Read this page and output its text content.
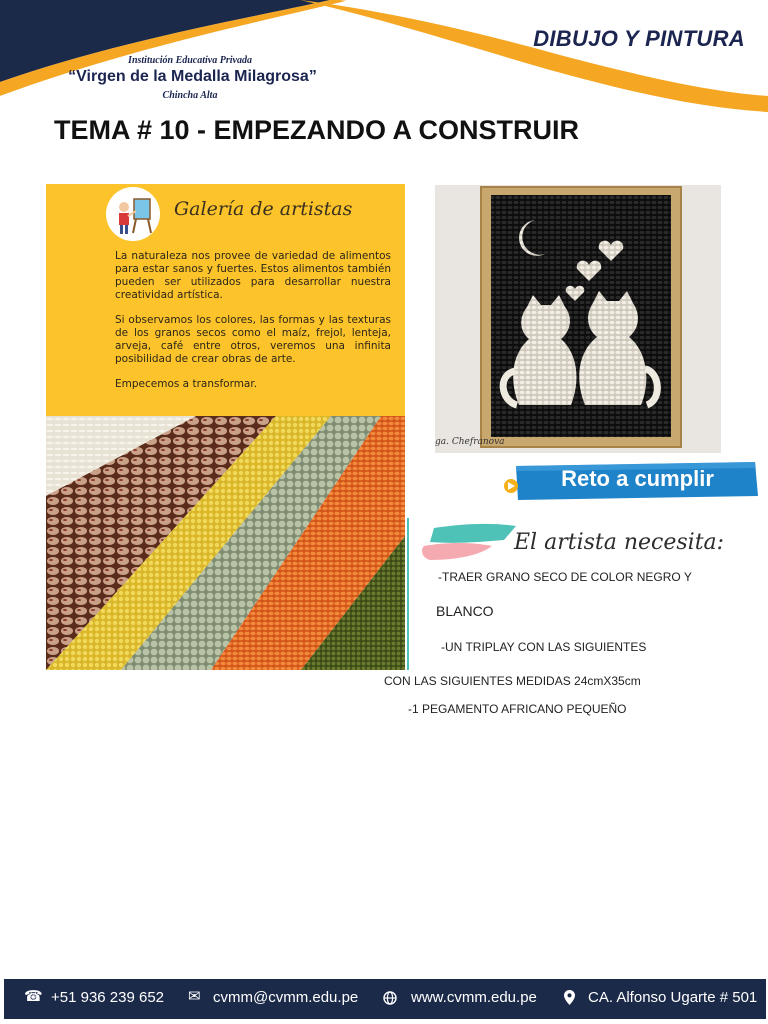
Institución Educativa Privada
“Virgen de la Medalla Milagrosa”
Chincha Alta
DIBUJO Y PINTURA
TEMA # 10 - EMPEZANDO A CONSTRUIR
Galería de artistas

La naturaleza nos provee de variedad de alimentos para estar sanos y fuertes. Estos alimentos también pueden ser utilizados para desarrollar nuestra creatividad artística.

Si observamos los colores, las formas y las texturas de los granos secos como el maíz, frejol, lenteja, arveja, café entre otros, veremos una infinita posibilidad de crear obras de arte.

Empecemos a transformar.

ga. Chefranova
Reto a cumplir
El artista necesita:
-TRAER GRANO SECO DE COLOR NEGRO Y
BLANCO
-UN TRIPLAY CON LAS SIGUIENTES
CON LAS SIGUIENTES MEDIDAS 24cmX35cm
-1 PEGAMENTO AFRICANO PEQUEÑO
☎ +51 936 239 652 ✉ cvmm@cvmm.edu.pe	www.cvmm.edu.pe	CA. Alfonso Ugarte # 501
